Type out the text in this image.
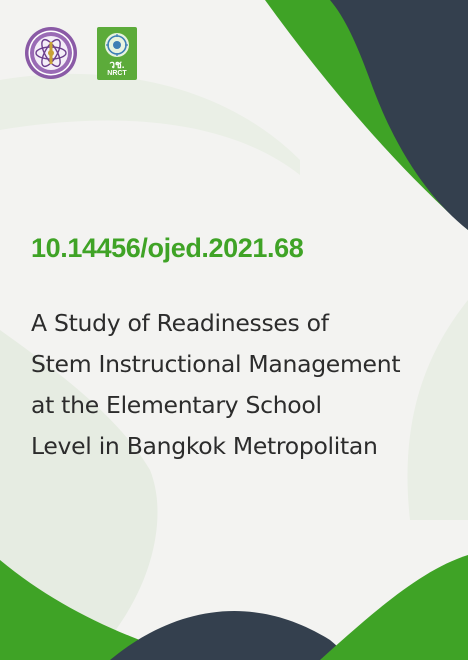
วช.
NRCT
10.14456/ojed.2021.68
A Study of Readinesses of
Stem Instructional Management
at the Elementary School
Level in Bangkok Metropolitan
